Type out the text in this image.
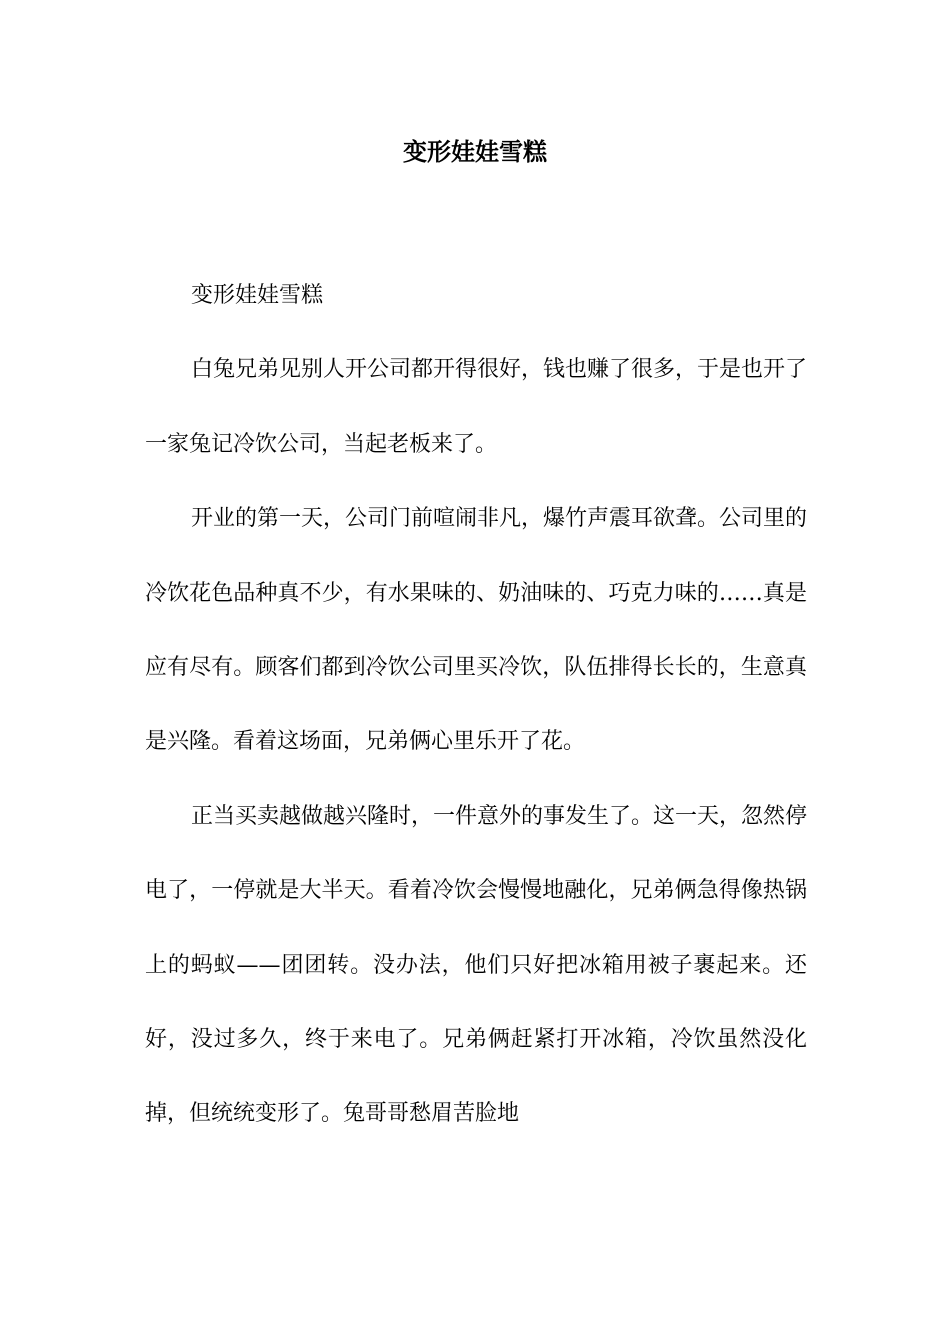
变形娃娃雪糕

变形娃娃雪糕

白兔兄弟见别人开公司都开得很好，钱也赚了很多，于是也开了一家兔记冷饮公司，当起老板来了。

开业的第一天，公司门前喧闹非凡，爆竹声震耳欲聋。公司里的冷饮花色品种真不少，有水果味的、奶油味的、巧克力味的……真是应有尽有。顾客们都到冷饮公司里买冷饮，队伍排得长长的，生意真是兴隆。看着这场面，兄弟俩心里乐开了花。

正当买卖越做越兴隆时，一件意外的事发生了。这一天，忽然停电了，一停就是大半天。看着冷饮会慢慢地融化，兄弟俩急得像热锅上的蚂蚁——团团转。没办法，他们只好把冰箱用被子裹起来。还好，没过多久，终于来电了。兄弟俩赶紧打开冰箱，冷饮虽然没化掉，但统统变形了。兔哥哥愁眉苦脸地
